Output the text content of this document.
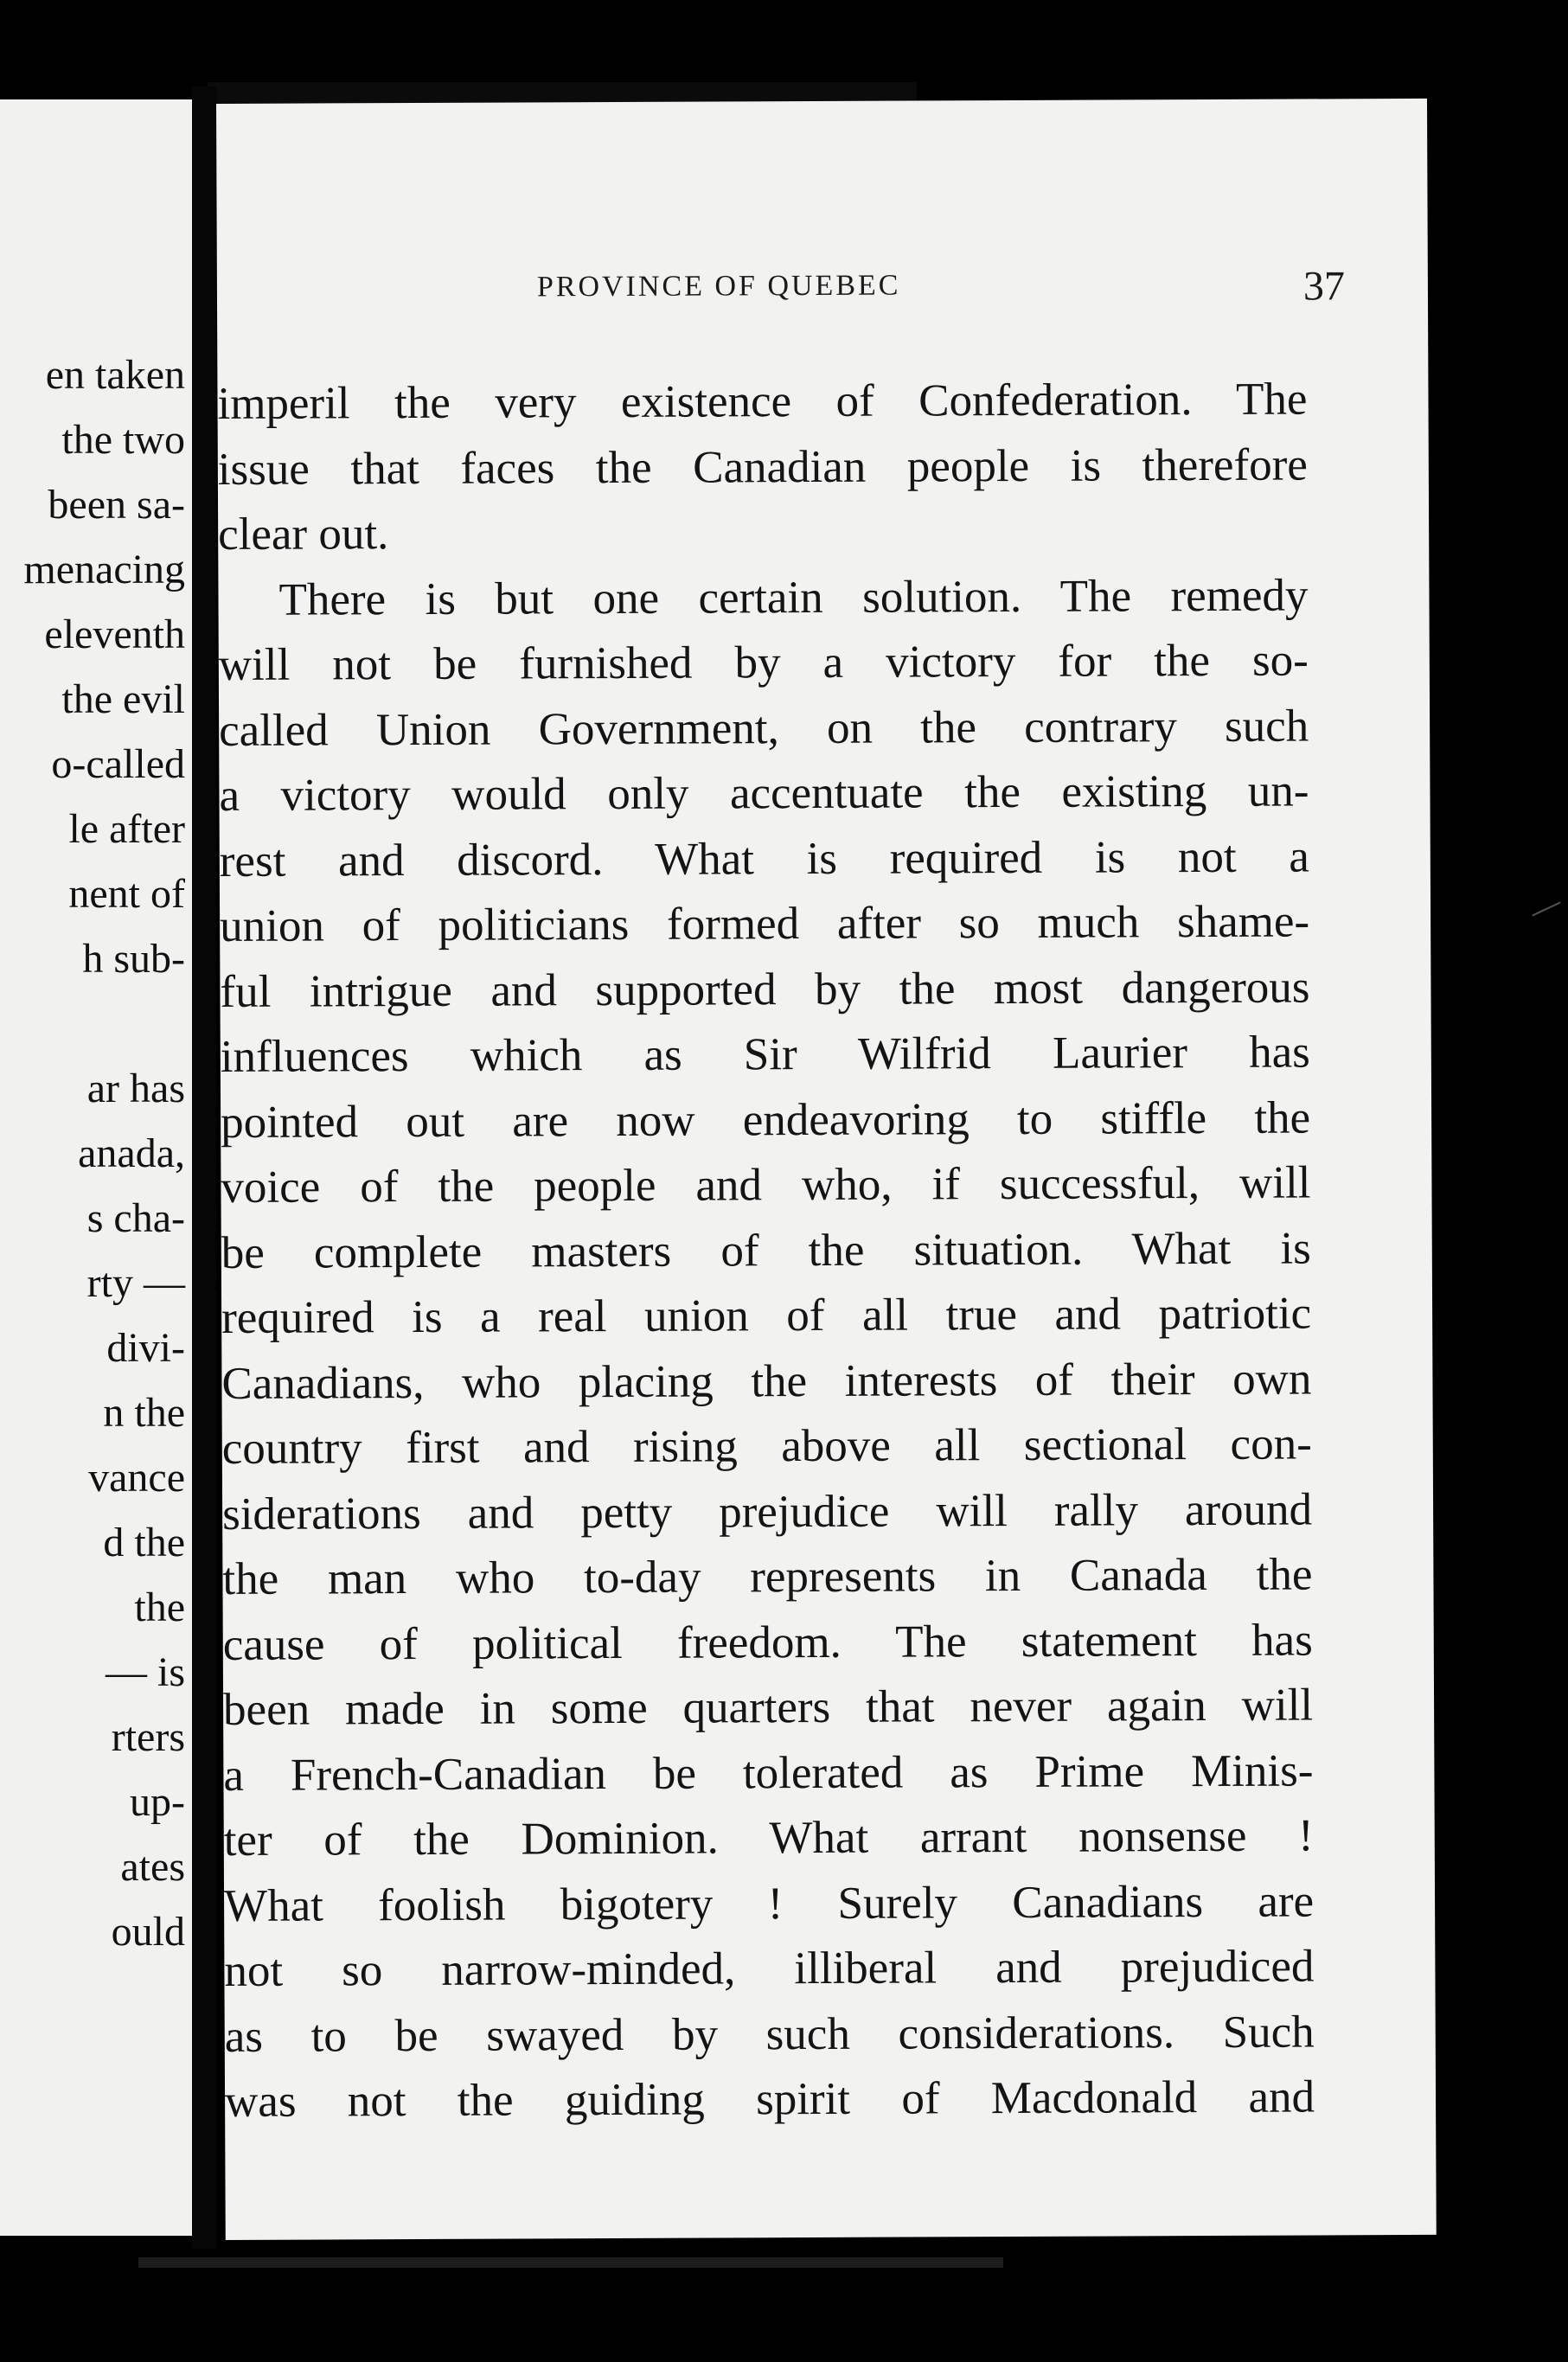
en taken
the two
been sa-
menacing
eleventh
the evil
o-called
le after
nent of
h sub-
ar has
anada,
s cha-
rty —
divi-
n the
vance
d the
the
— is
rters
up-
ates
ould
PROVINCE OF QUEBEC	37
imperil the very existence of Confederation. The
issue that faces the Canadian people is therefore
clear out.
There is but one certain solution. The remedy
will not be furnished by a victory for the so-
called Union Government, on the contrary such
a victory would only accentuate the existing un-
rest and discord. What is required is not a
union of politicians formed after so much shame-
ful intrigue and supported by the most dangerous
influences which as Sir Wilfrid Laurier has
pointed out are now endeavoring to stiffle the
voice of the people and who, if successful, will
be complete masters of the situation. What is
required is a real union of all true and patriotic
Canadians, who placing the interests of their own
country first and rising above all sectional con-
siderations and petty prejudice will rally around
the man who to-day represents in Canada the
cause of political freedom. The statement has
been made in some quarters that never again will
a French-Canadian be tolerated as Prime Minis-
ter of the Dominion. What arrant nonsense !
What foolish bigotery ! Surely Canadians are
not so narrow-minded, illiberal and prejudiced
as to be swayed by such considerations. Such
was not the guiding spirit of Macdonald and
